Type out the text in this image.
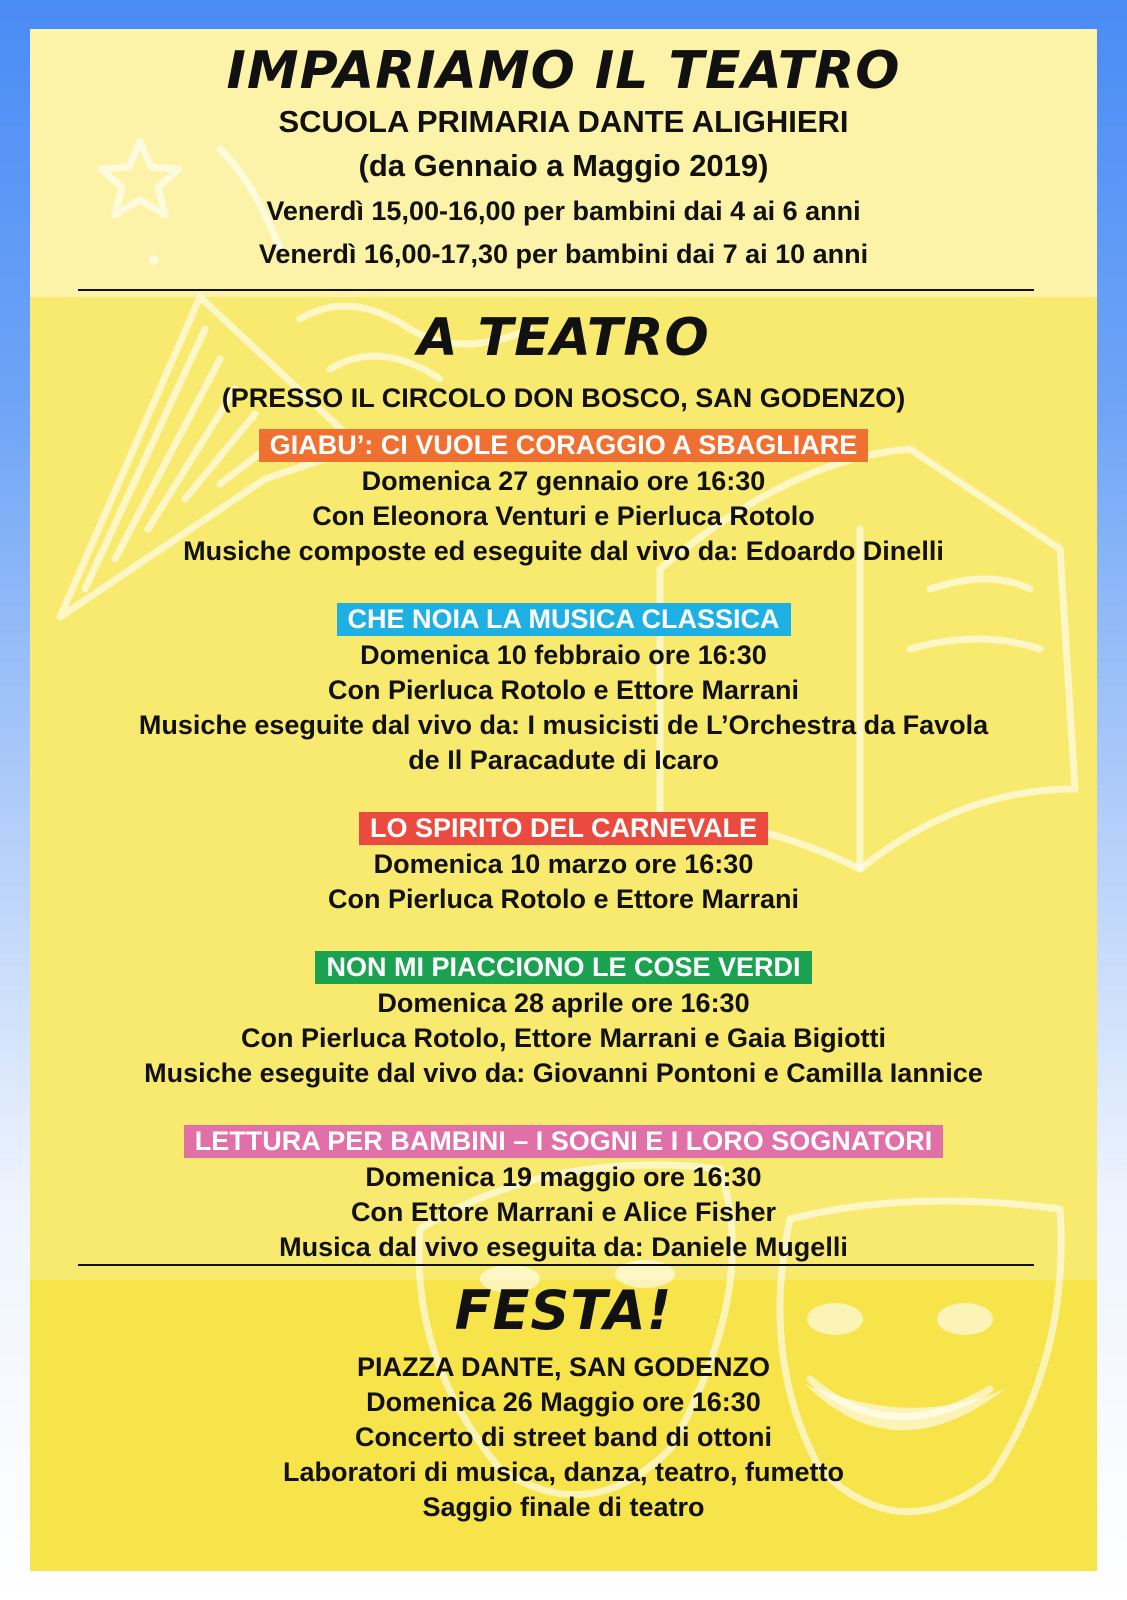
IMPARIAMO IL TEATRO
SCUOLA PRIMARIA DANTE ALIGHIERI
(da Gennaio a Maggio 2019)
Venerdì 15,00-16,00 per bambini dai 4 ai 6 anni
Venerdì 16,00-17,30 per bambini dai 7 ai 10 anni
A TEATRO
(PRESSO IL CIRCOLO DON BOSCO, SAN GODENZO)
GIABU’: CI VUOLE CORAGGIO A SBAGLIARE
Domenica 27 gennaio ore 16:30
Con Eleonora Venturi e Pierluca Rotolo
Musiche composte ed eseguite dal vivo da: Edoardo Dinelli
CHE NOIA LA MUSICA CLASSICA
Domenica 10 febbraio ore 16:30
Con Pierluca Rotolo e Ettore Marrani
Musiche eseguite dal vivo da: I musicisti de L’Orchestra da Favola
de Il Paracadute di Icaro
LO SPIRITO DEL CARNEVALE
Domenica 10 marzo ore 16:30
Con Pierluca Rotolo e Ettore Marrani
NON MI PIACCIONO LE COSE VERDI
Domenica 28 aprile ore 16:30
Con Pierluca Rotolo, Ettore Marrani e Gaia Bigiotti
Musiche eseguite dal vivo da: Giovanni Pontoni e Camilla Iannice
LETTURA PER BAMBINI – I SOGNI E I LORO SOGNATORI
Domenica 19 maggio ore 16:30
Con Ettore Marrani e Alice Fisher
Musica dal vivo eseguita da: Daniele Mugelli
FESTA!
PIAZZA DANTE, SAN GODENZO
Domenica 26 Maggio ore 16:30
Concerto di street band di ottoni
Laboratori di musica, danza, teatro, fumetto
Saggio finale di teatro
